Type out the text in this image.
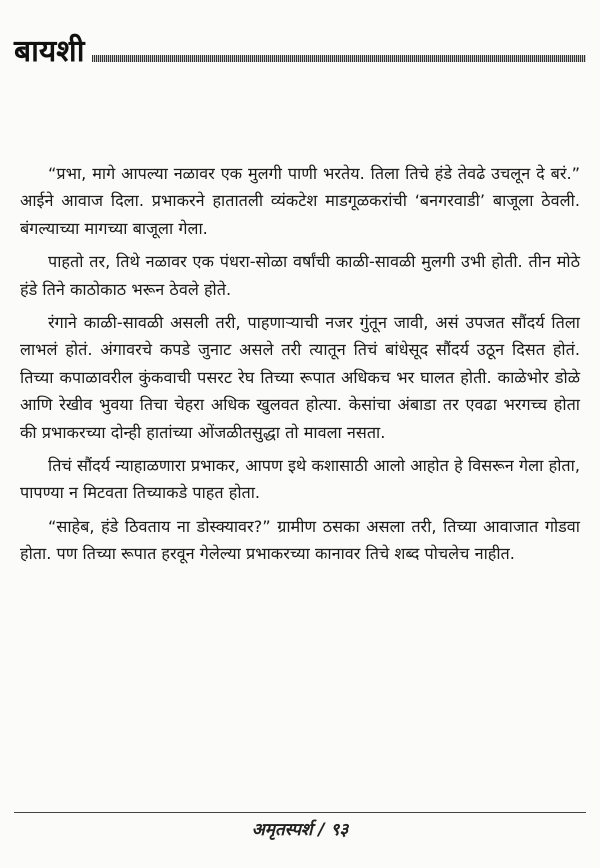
बायशी

“प्रभा, मागे आपल्या नळावर एक मुलगी पाणी भरतेय. तिला तिचे हंडे तेवढे उचलून दे बरं.” आईने आवाज दिला. प्रभाकरने हातातली व्यंकटेश माडगूळकरांची ‘बनगरवाडी’ बाजूला ठेवली. बंगल्याच्या मागच्या बाजूला गेला.

पाहतो तर, तिथे नळावर एक पंधरा-सोळा वर्षांची काळी-सावळी मुलगी उभी होती. तीन मोठे हंडे तिने काठोकाठ भरून ठेवले होते.

रंगाने काळी-सावळी असली तरी, पाहणाऱ्याची नजर गुंतून जावी, असं उपजत सौंदर्य तिला लाभलं होतं. अंगावरचे कपडे जुनाट असले तरी त्यातून तिचं बांधेसूद सौंदर्य उठून दिसत होतं. तिच्या कपाळावरील कुंकवाची पसरट रेघ तिच्या रूपात अधिकच भर घालत होती. काळेभोर डोळे आणि रेखीव भुवया तिचा चेहरा अधिक खुलवत होत्या. केसांचा अंबाडा तर एवढा भरगच्च होता की प्रभाकरच्या दोन्ही हातांच्या ओंजळीतसुद्धा तो मावला नसता.

तिचं सौंदर्य न्याहाळणारा प्रभाकर, आपण इथे कशासाठी आलो आहोत हे विसरून गेला होता, पापण्या न मिटवता तिच्याकडे पाहत होता.

“साहेब, हंडे ठिवताय ना डोस्क्यावर?” ग्रामीण ठसका असला तरी, तिच्या आवाजात गोडवा होता. पण तिच्या रूपात हरवून गेलेल्या प्रभाकरच्या कानावर तिचे शब्द पोचलेच नाहीत.

अमृतस्पर्श / ९३
